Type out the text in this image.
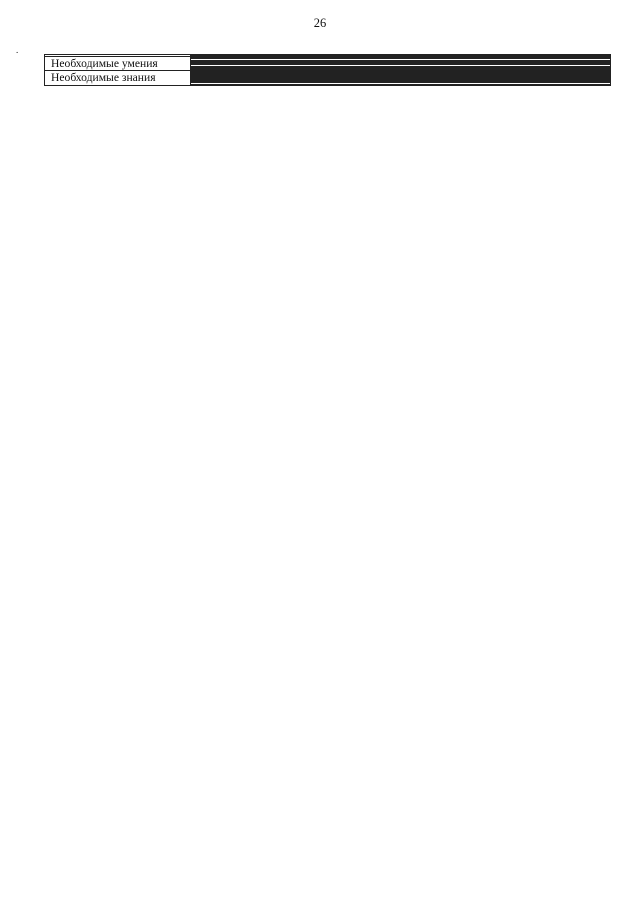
26
.

Необходимые умения	

Необходимые знания	
